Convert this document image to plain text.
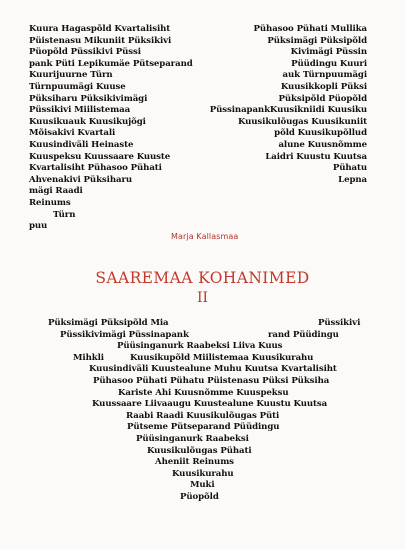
Kuura Hagaspõld Kvartalisiht
Püistenasu Mikuniit Püksikivi
Püopõld Püssikivi Püssi
pank Püti Lepikumäe Pütseparand
Kuurijuurne Türn
Türnpuumägi Kuuse
Püksiharu Püksikivimägi
Püssikivi Miilistemaa
Kuusikuauk Kuusikujõgi
Mõisakivi Kvartali
Kuusindiväli Heinaste
Kuuspeksu Kuussaare Kuuste
Kvartalisiht Pühasoo Pühati
Ahvenakivi Püksiharu
mägi Raadi
Reinums
Türn
puu
Pühasoo Pühati Mullika
Püksimägi Püksipõld
Kivimägi Püssin
Püüdingu Kuuri
auk Türnpuumägi
Kuusikkopli Püksi
Püksipõld Püopõld
PüssinapankKuusikniidi Kuusiku
Kuusikulõugas Kuusikuniit
põld Kuusikupõllud
alune Kuusnõmme
Laidri Kuustu Kuutsa
Pühatu
Lepna
Marja Kallasmaa
SAAREMAA KOHANIMED
II
Püksimägi Püksipõld Mia	Püssikivi
Püssikivimägi Püssinapank	rand Püüdingu
Püüsinganurk Raabeksi Liiva Kuus
Mihkli	Kuusikupõld Miilistemaa Kuusikurahu
Kuusindiväli Kuustealune Muhu Kuutsa Kvartalisiht
Pühasoo Pühati Pühatu Püistenasu Püksi Püksiha
Kariste Ahi Kuusnõmme Kuuspeksu
Kuussaare Liivaaugu Kuustealune Kuustu Kuutsa
Raabi Raadi Kuusikulõugas Püti
Pütseme Pütseparand Püüdingu
Püüsinganurk Raabeksi
Kuusikulõugas Pühati
Aheniit Reinums
Kuusikurahu
Muki
Püopõld
